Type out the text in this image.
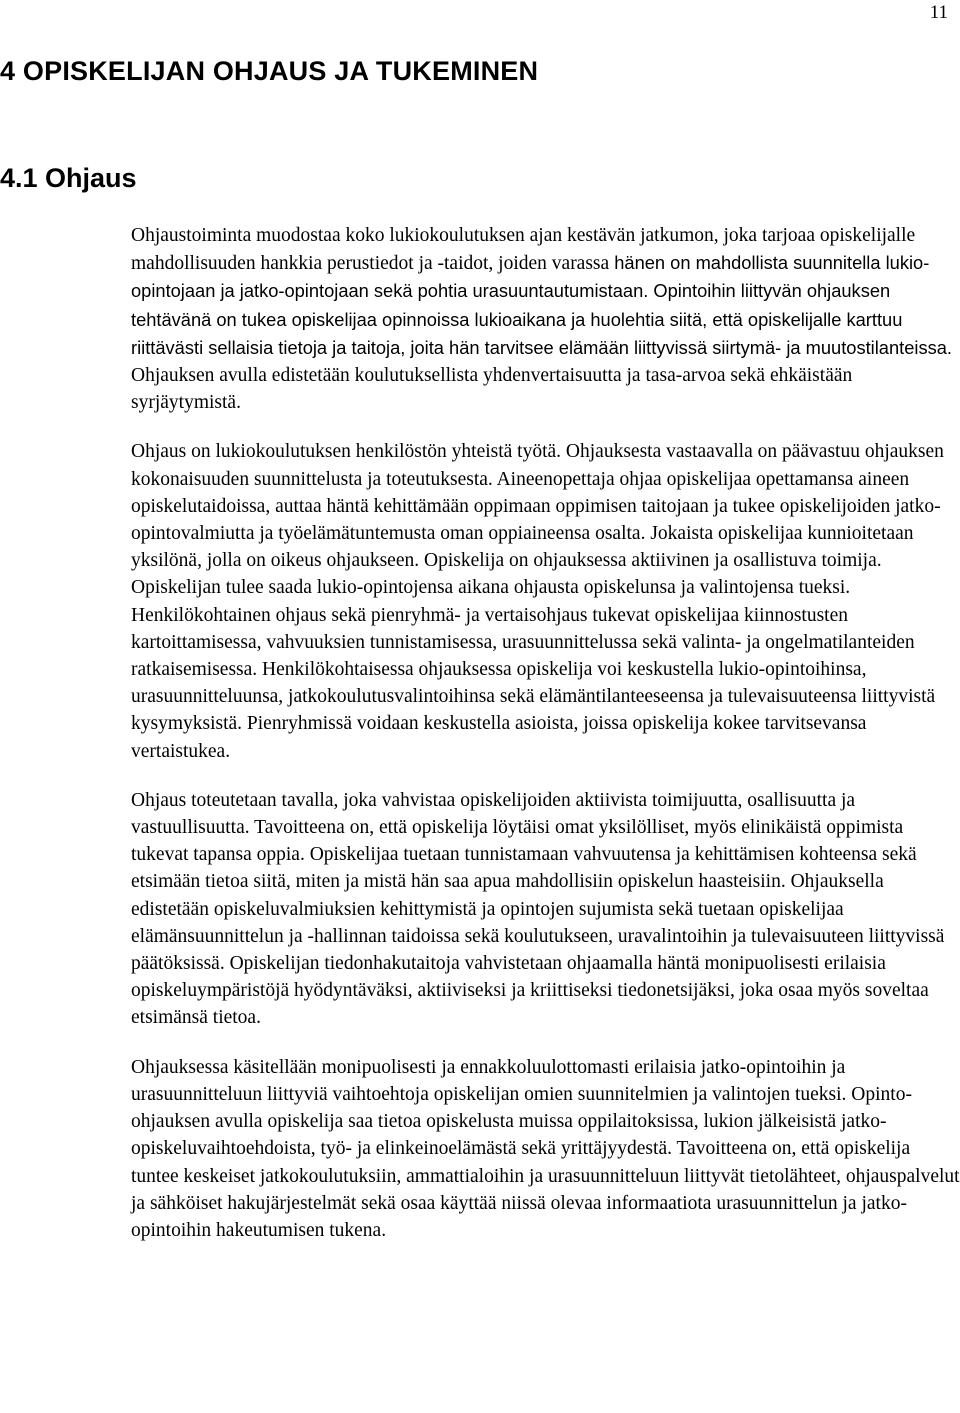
11
4 OPISKELIJAN OHJAUS JA TUKEMINEN
4.1 Ohjaus

Ohjaustoiminta muodostaa koko lukiokoulutuksen ajan kestävän jatkumon, joka tarjoaa opiskelijalle mahdollisuuden hankkia perustiedot ja -taidot, joiden varassa hänen on mahdollista suunnitella lukio-opintojaan ja jatko-opintojaan sekä pohtia urasuuntautumistaan. Opintoihin liittyvän ohjauksen tehtävänä on tukea opiskelijaa opinnoissa lukioaikana ja huolehtia siitä, että opiskelijalle karttuu riittävästi sellaisia tietoja ja taitoja, joita hän tarvitsee elämään liittyvissä siirtymä- ja muutostilanteissa. Ohjauksen avulla edistetään koulutuksellista yhdenvertaisuutta ja tasa-arvoa sekä ehkäistään syrjäytymistä.

Ohjaus on lukiokoulutuksen henkilöstön yhteistä työtä. Ohjauksesta vastaavalla on päävastuu ohjauksen kokonaisuuden suunnittelusta ja toteutuksesta. Aineenopettaja ohjaa opiskelijaa opettamansa aineen opiskelutaidoissa, auttaa häntä kehittämään oppimaan oppimisen taitojaan ja tukee opiskelijoiden jatko-opintovalmiutta ja työelämätuntemusta oman oppiaineensa osalta. Jokaista opiskelijaa kunnioitetaan yksilönä, jolla on oikeus ohjaukseen. Opiskelija on ohjauksessa aktiivinen ja osallistuva toimija. Opiskelijan tulee saada lukio-opintojensa aikana ohjausta opiskelunsa ja valintojensa tueksi. Henkilökohtainen ohjaus sekä pienryhmä- ja vertaisohjaus tukevat opiskelijaa kiinnostusten kartoittamisessa, vahvuuksien tunnistamisessa, urasuunnittelussa sekä valinta- ja ongelmatilanteiden ratkaisemisessa. Henkilökohtaisessa ohjauksessa opiskelija voi keskustella lukio-opintoihinsa, urasuunnitteluunsa, jatkokoulutusvalintoihinsa sekä elämäntilanteeseensa ja tulevaisuuteensa liittyvistä kysymyksistä. Pienryhmissä voidaan keskustella asioista, joissa opiskelija kokee tarvitsevansa vertaistukea.

Ohjaus toteutetaan tavalla, joka vahvistaa opiskelijoiden aktiivista toimijuutta, osallisuutta ja vastuullisuutta. Tavoitteena on, että opiskelija löytäisi omat yksilölliset, myös elinikäistä oppimista tukevat tapansa oppia. Opiskelijaa tuetaan tunnistamaan vahvuutensa ja kehittämisen kohteensa sekä etsimään tietoa siitä, miten ja mistä hän saa apua mahdollisiin opiskelun haasteisiin. Ohjauksella edistetään opiskeluvalmiuksien kehittymistä ja opintojen sujumista sekä tuetaan opiskelijaa elämänsuunnittelun ja -hallinnan taidoissa sekä koulutukseen, uravalintoihin ja tulevaisuuteen liittyvissä päätöksissä. Opiskelijan tiedonhakutaitoja vahvistetaan ohjaamalla häntä monipuolisesti erilaisia opiskeluympäristöjä hyödyntäväksi, aktiiviseksi ja kriittiseksi tiedonetsijäksi, joka osaa myös soveltaa etsimänsä tietoa.

Ohjauksessa käsitellään monipuolisesti ja ennakkoluulottomasti erilaisia jatko-opintoihin ja urasuunnitteluun liittyviä vaihtoehtoja opiskelijan omien suunnitelmien ja valintojen tueksi. Opinto-ohjauksen avulla opiskelija saa tietoa opiskelusta muissa oppilaitoksissa, lukion jälkeisistä jatko-opiskeluvaihtoehdoista, työ- ja elinkeinoelämästä sekä yrittäjyydestä. Tavoitteena on, että opiskelija tuntee keskeiset jatkokoulutuksiin, ammattialoihin ja urasuunnitteluun liittyvät tietolähteet, ohjauspalvelut ja sähköiset hakujärjestelmät sekä osaa käyttää niissä olevaa informaatiota urasuunnittelun ja jatko-opintoihin hakeutumisen tukena.
